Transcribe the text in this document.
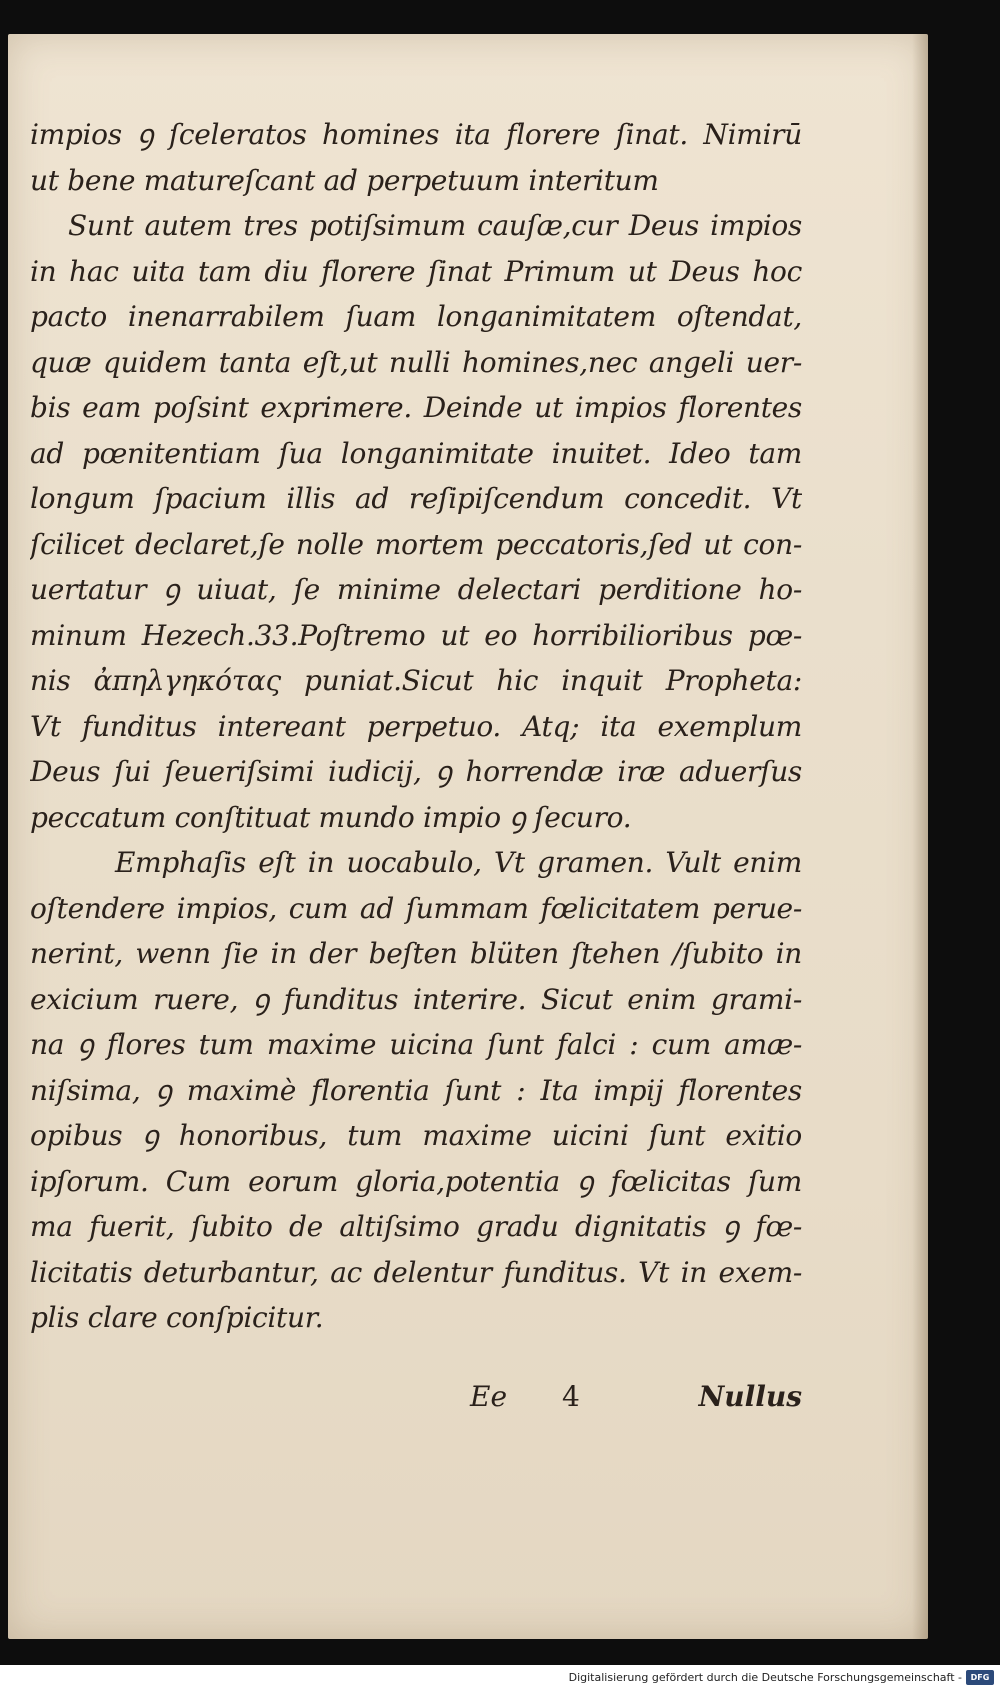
impios ꝯ ſceleratos homines ita florere ſinat. Nimirū
ut bene matureſcant ad perpetuum interitum
Sunt autem tres potiſsimum cauſæ,cur Deus impios
in hac uita tam diu florere ſinat Primum ut Deus hoc
pacto inenarrabilem ſuam longanimitatem oſtendat,
quæ quidem tanta eſt,ut nulli homines,nec angeli uer-
bis eam poſsint exprimere. Deinde ut impios florentes
ad pœnitentiam ſua longanimitate inuitet. Ideo tam
longum ſpacium illis ad reſipiſcendum concedit. Vt
ſcilicet declaret,ſe nolle mortem peccatoris,ſed ut con-
uertatur ꝯ uiuat, ſe minime delectari perditione ho-
minum Hezech.33.Poſtremo ut eo horribilioribus pœ-
nis ἀπηλγηκότας puniat.Sicut hic inquit Propheta:
Vt funditus intereant perpetuo. Atq; ita exemplum
Deus ſui ſeueriſsimi iudicij, ꝯ horrendæ iræ aduerſus
peccatum conſtituat mundo impio ꝯ ſecuro.
Emphaſis eſt in uocabulo, Vt gramen. Vult enim
oſtendere impios, cum ad ſummam fœlicitatem perue-
nerint, wenn ſie in der beſten blüten ſtehen /ſubito in
exicium ruere, ꝯ funditus interire. Sicut enim grami-
na ꝯ flores tum maxime uicina ſunt falci : cum amæ-
niſsima, ꝯ maximè florentia ſunt : Ita impij florentes
opibus ꝯ honoribus, tum maxime uicini ſunt exitio
ipſorum. Cum eorum gloria,potentia ꝯ fœlicitas ſum
ma fuerit, ſubito de altiſsimo gradu dignitatis ꝯ fœ-
licitatis deturbantur, ac delentur funditus. Vt in exem-
plis clare conſpicitur.
Ee 4	Nullus
Digitalisierung gefördert durch die Deutsche Forschungsgemeinschaft -	DFG
